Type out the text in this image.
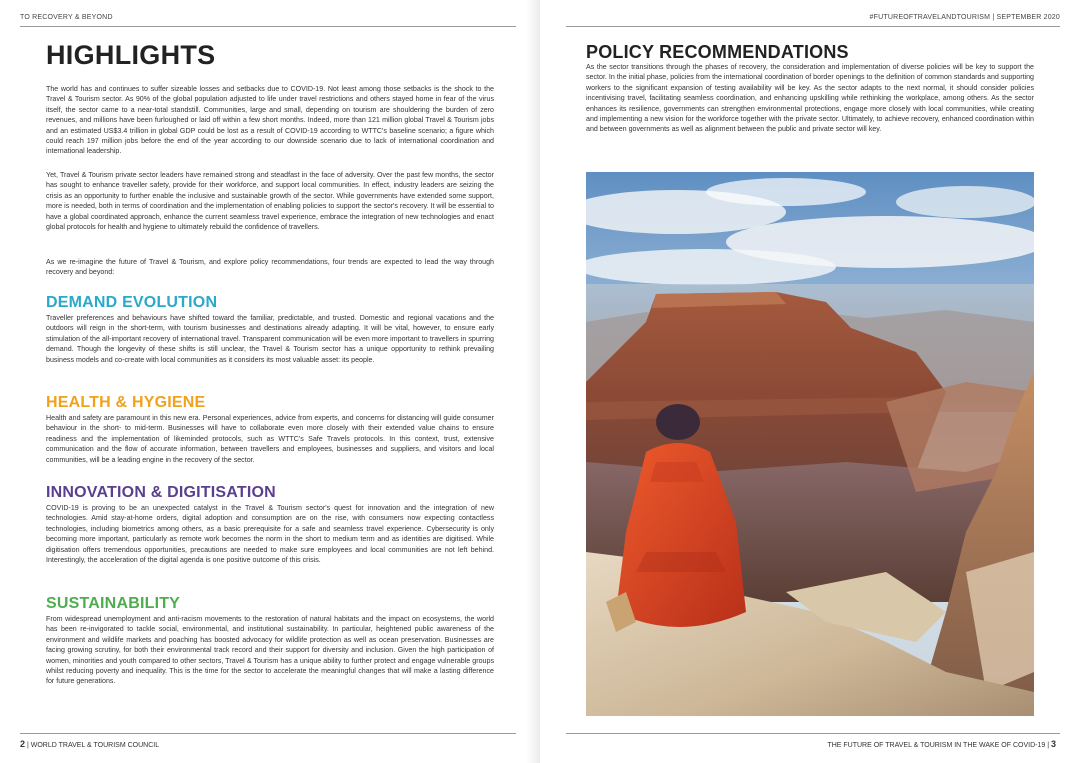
TO RECOVERY & BEYOND
HIGHLIGHTS

The world has and continues to suffer sizeable losses and setbacks due to COVID-19. Not least among those setbacks is the shock to the Travel & Tourism sector. As 90% of the global population adjusted to life under travel restrictions and others stayed home in fear of the virus itself, the sector came to a near-total standstill. Communities, large and small, depending on tourism are shouldering the burden of zero revenues, and millions have been furloughed or laid off within a few short months. Indeed, more than 121 million global Travel & Tourism jobs and an estimated US$3.4 trillion in global GDP could be lost as a result of COVID-19 according to WTTC's baseline scenario; a figure which could reach 197 million jobs before the end of the year according to our downside scenario due to lack of international coordination and international leadership.

Yet, Travel & Tourism private sector leaders have remained strong and steadfast in the face of adversity. Over the past few months, the sector has sought to enhance traveller safety, provide for their workforce, and support local communities. In effect, industry leaders are seizing the crisis as an opportunity to further enable the inclusive and sustainable growth of the sector. While governments have extended some support, more is needed, both in terms of coordination and the implementation of enabling policies to support the sector's recovery. It will be essential to have a global coordinated approach, enhance the current seamless travel experience, embrace the integration of new technologies and enact global protocols for health and hygiene to ultimately rebuild the confidence of travellers.

As we re-imagine the future of Travel & Tourism, and explore policy recommendations, four trends are expected to lead the way through recovery and beyond:

DEMAND EVOLUTION

Traveller preferences and behaviours have shifted toward the familiar, predictable, and trusted. Domestic and regional vacations and the outdoors will reign in the short-term, with tourism businesses and destinations already adapting. It will be vital, however, to ensure early stimulation of the all-important recovery of international travel. Transparent communication will be even more important to travellers in spurring demand. Though the longevity of these shifts is still unclear, the Travel & Tourism sector has a unique opportunity to rethink prevailing business models and co-create with local communities as it considers its most valuable asset: its people.

HEALTH & HYGIENE

Health and safety are paramount in this new era. Personal experiences, advice from experts, and concerns for distancing will guide consumer behaviour in the short- to mid-term. Businesses will have to collaborate even more closely with their extended value chains to ensure readiness and the implementation of likeminded protocols, such as WTTC's Safe Travels protocols. In this context, trust, extensive communication and the flow of accurate information, between travellers and employees, businesses and suppliers, and visitors and local communities, will be a leading engine in the recovery of the sector.

INNOVATION & DIGITISATION

COVID-19 is proving to be an unexpected catalyst in the Travel & Tourism sector's quest for innovation and the integration of new technologies. Amid stay-at-home orders, digital adoption and consumption are on the rise, with consumers now expecting contactless technologies, including biometrics among others, as a basic prerequisite for a safe and seamless travel experience. Cybersecurity is only becoming more important, particularly as remote work becomes the norm in the short to medium term and as identities are digitised. While digitisation offers tremendous opportunities, precautions are needed to make sure employees and local communities are not left behind. Interestingly, the acceleration of the digital agenda is one positive outcome of this crisis.

SUSTAINABILITY

From widespread unemployment and anti-racism movements to the restoration of natural habitats and the impact on ecosystems, the world has been re-invigorated to tackle social, environmental, and institutional sustainability. In particular, heightened public awareness of the environment and wildlife markets and poaching has boosted advocacy for wildlife protection as well as ocean preservation. Businesses are facing growing scrutiny, for both their environmental track record and their support for diversity and inclusion. Given the high participation of women, minorities and youth compared to other sectors, Travel & Tourism has a unique ability to further protect and engage vulnerable groups whilst reducing poverty and inequality. This is the time for the sector to accelerate the meaningful changes that will make a lasting difference for future generations.

2 | WORLD TRAVEL & TOURISM COUNCIL
#FUTUREOFTRAVELANDTOURISM | SEPTEMBER 2020
POLICY RECOMMENDATIONS

As the sector transitions through the phases of recovery, the consideration and implementation of diverse policies will be key to support the sector. In the initial phase, policies from the international coordination of border openings to the definition of common standards and supporting workers to the significant expansion of testing availability will be key. As the sector adapts to the next normal, it should consider policies incentivising travel, facilitating seamless coordination, and enhancing upskilling while rethinking the workplace, among others. As the sector enhances its resilience, governments can strengthen environmental protections, engage more closely with local communities, while creating and implementing a new vision for the workforce together with the private sector. Ultimately, to achieve recovery, enhanced coordination within and between governments as well as alignment between the public and private sector will key.

THE FUTURE OF TRAVEL & TOURISM IN THE WAKE OF COVID-19 | 3
